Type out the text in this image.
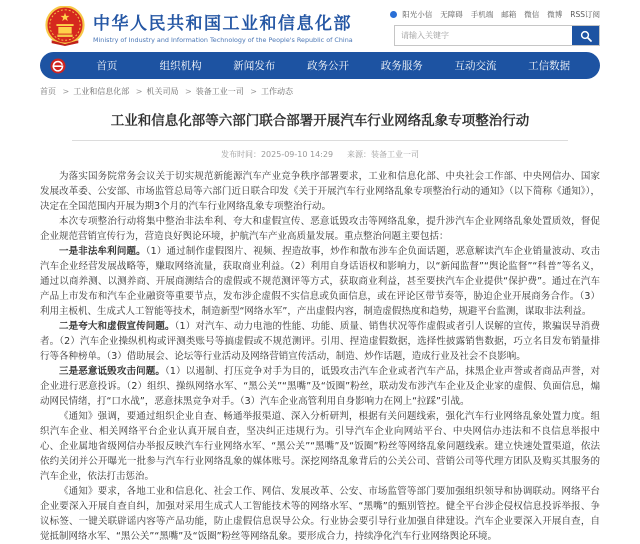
中华人民共和国工业和信息化部
Ministry of Industry and Information Technology of the People's Republic of China
阳光小信 无障碍 手机端 邮箱 微信 微博 RSS订阅
请输入关键字
首页	组织机构	新闻发布	政务公开	政务服务	互动交流	工信数据
首页 >	工业和信息化部 >	机关司局 >	装备工业一司 >	工作动态
工业和信息化部等六部门联合部署开展汽车行业网络乱象专项整治行动
发布时间：2025-09-10 14:29 来源：装备工业一司

为落实国务院常务会议关于切实规范新能源汽车产业竞争秩序部署要求，工业和信息化部、中央社会工作部、中央网信办、国家发展改革委、公安部、市场监管总局等六部门近日联合印发《关于开展汽车行业网络乱象专项整治行动的通知》（以下简称《通知》），决定在全国范围内开展为期3个月的汽车行业网络乱象专项整治行动。

本次专项整治行动将集中整治非法牟利、夸大和虚假宣传、恶意诋毁攻击等网络乱象，提升涉汽车企业网络乱象处置质效，督促企业规范营销宣传行为，营造良好舆论环境，护航汽车产业高质量发展。重点整治问题主要包括：

一是非法牟利问题。（1）通过制作虚假图片、视频、捏造故事，炒作和散布涉车企负面话题，恶意解读汽车企业销量波动、攻击汽车企业经营发展战略等，赚取网络流量，获取商业利益。（2）利用自身话语权和影响力，以“新闻监督”“舆论监督”“科普”等名义，通过以商养测、以测养商、开展商测结合的虚假或不规范测评等方式，获取商业利益，甚至要挟汽车企业提供“保护费”。通过在汽车产品上市发布和汽车企业融资等重要节点，发布涉企虚假不实信息或负面信息，或在评论区带节奏等，胁迫企业开展商务合作。（3）利用主板机、生成式人工智能等技术，制造新型“网络水军”，产出虚假内容，制造虚假热度和趋势，规避平台监测，谋取非法利益。

二是夸大和虚假宣传问题。（1）对汽车、动力电池的性能、功能、质量、销售状况等作虚假或者引人误解的宣传，欺骗误导消费者。（2）汽车企业操纵机构或评测类账号等搞虚假或不规范测评。引用、捏造虚假数据，选择性披露销售数据，巧立名目发布销量排行等各种榜单。（3）借助展会、论坛等行业活动及网络营销宣传活动，制造、炒作话题，造成行业及社会不良影响。

三是恶意诋毁攻击问题。（1）以遏制、打压竞争对手为目的，诋毁攻击汽车企业或者汽车产品，抹黑企业声誉或者商品声誉，对企业进行恶意投诉。（2）组织、操纵网络水军、“黑公关”“黑嘴”及“饭圈”粉丝，联动发布涉汽车企业及企业家的虚假、负面信息，煽动网民情绪，打“口水战”，恶意抹黑竞争对手。（3）汽车企业高管利用自身影响力在网上“拉踩”引战。

《通知》强调，要通过组织企业自查、畅通举报渠道、深入分析研判，根据有关问题线索，强化汽车行业网络乱象处置力度。组织汽车企业、相关网络平台企业认真开展自查，坚决纠正违规行为。引导汽车企业向网站平台、中央网信办违法和不良信息举报中心、企业属地省级网信办举报反映汽车行业网络水军、“黑公关”“黑嘴”及“饭圈”粉丝等网络乱象问题线索。建立快速处置渠道，依法依约关闭并公开曝光一批参与汽车行业网络乱象的媒体账号。深挖网络乱象背后的公关公司、营销公司等代理方团队及购买其服务的汽车企业，依法打击惩治。

《通知》要求，各地工业和信息化、社会工作、网信、发展改革、公安、市场监管等部门要加强组织领导和协调联动。网络平台企业要深入开展自查自纠，加强对采用生成式人工智能技术等的网络水军、“黑嘴”的甄别管控。健全平台涉企侵权信息投诉举报、争议标签、一键关联辟谣内容等产品功能，防止虚假信息误导公众。行业协会要引导行业加强自律建设。汽车企业要深入开展自查，自觉抵制网络水军、“黑公关”“黑嘴”及“饭圈”粉丝等网络乱象。要形成合力，持续净化汽车行业网络舆论环境。
